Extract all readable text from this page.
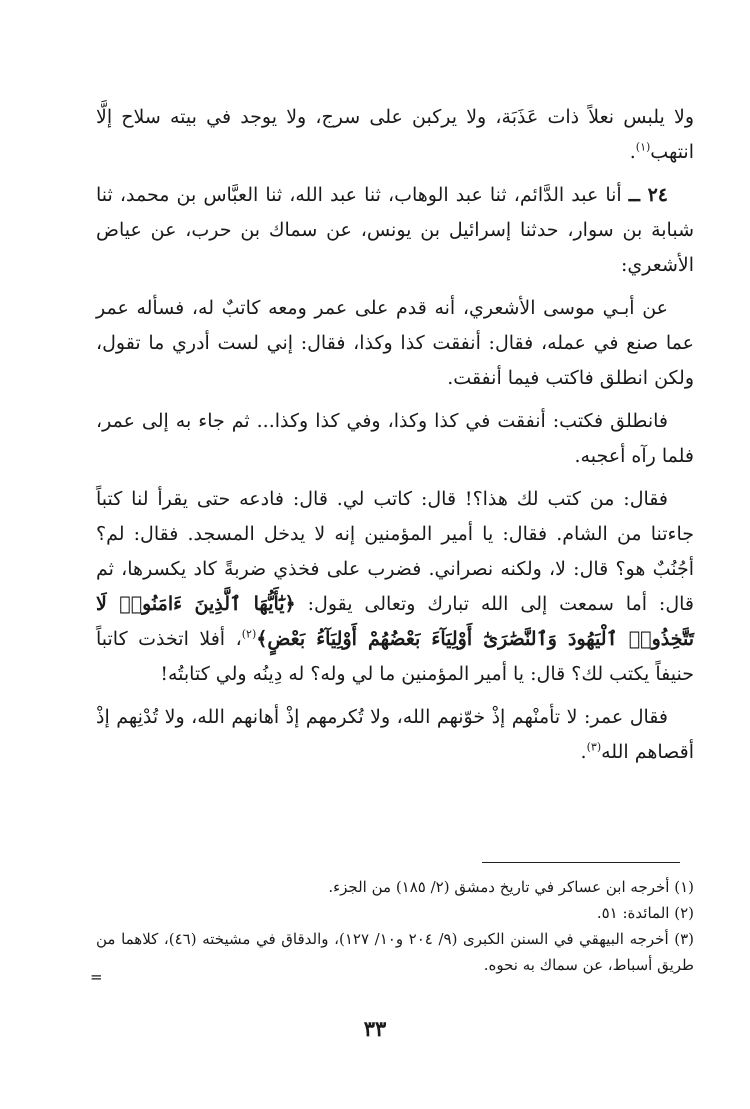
ولا يلبس نعلاً ذات عَذَبَة، ولا يركبن على سرج، ولا يوجد في بيته سلاح إلَّا انتهب$^{(١)}$.

٢٤ ــ أنا عبد الدَّائم، ثنا عبد الوهاب، ثنا عبد الله، ثنا العبَّاس بن محمد، ثنا شبابة بن سوار، حدثنا إسرائيل بن يونس، عن سماك بن حرب، عن عياض الأشعري:

عن أبـي موسى الأشعري، أنه قدم على عمر ومعه كاتبٌ له، فسأله عمر عما صنع في عمله، فقال: أنفقت كذا وكذا، فقال: إني لست أدري ما تقول، ولكن انطلق فاكتب فيما أنفقت.

فانطلق فكتب: أنفقت في كذا وكذا، وفي كذا وكذا... ثم جاء به إلى عمر، فلما رآه أعجبه.

فقال: من كتب لك هذا؟! قال: كاتب لي. قال: فادعه حتى يقرأ لنا كتباً جاءتنا من الشام. فقال: يا أمير المؤمنين إنه لا يدخل المسجد. فقال: لم؟ أجُنُبٌ هو؟ قال: لا، ولكنه نصراني. فضرب على فخذي ضربةً كاد يكسرها، ثم قال: أما سمعت إلى الله تبارك وتعالى يقول: ﴿يَٰٓأَيُّهَا ٱلَّذِينَ ءَامَنُوا۟ لَا تَتَّخِذُوا۟ ٱلْيَهُودَ وَٱلنَّصَٰرَىٰٓ أَوْلِيَآءَ بَعْضُهُمْ أَوْلِيَآءُ بَعْضٍ﴾$^{(٢)}$، أفلا اتخذت كاتباً حنيفاً يكتب لك؟ قال: يا أمير المؤمنين ما لي وله؟ له دِينُه ولي كتابتُه!

فقال عمر: لا تأمنْهم إذْ خوّنهم الله، ولا تُكرمهم إذْ أهانهم الله، ولا تُدْنِهم إذْ أقصاهم الله$^{(٣)}$.

(١) أخرجه ابن عساكر في تاريخ دمشق (٢/ ١٨٥) من الجزء.

(٢) المائدة: ٥١.

(٣) أخرجه البيهقي في السنن الكبرى (٩/ ٢٠٤ و١٠/ ١٢٧)، والدقاق في مشيخته (٤٦)، كلاهما من طريق أسباط، عن سماك به نحوه.

=
٣٣
